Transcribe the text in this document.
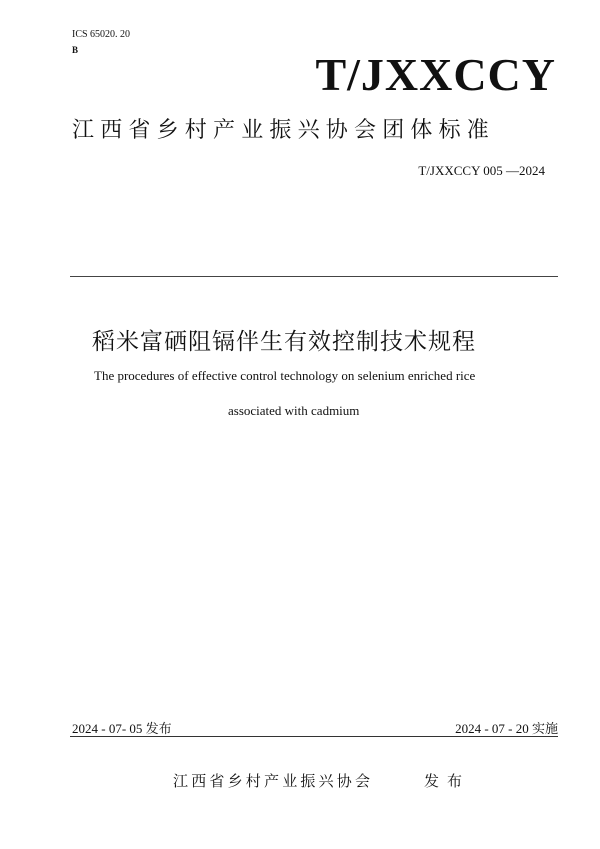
ICS 65020. 20
B	T/JXXCCY
江西省乡村产业振兴协会团体标准
T/JXXCCY 005 —2024
稻米富硒阻镉伴生有效控制技术规程
The procedures of effective control technology on selenium enriched rice
associated with cadmium
2024 - 07- 05 发布	2024 - 07 - 20 实施
江西省乡村产业振兴协会	发布
